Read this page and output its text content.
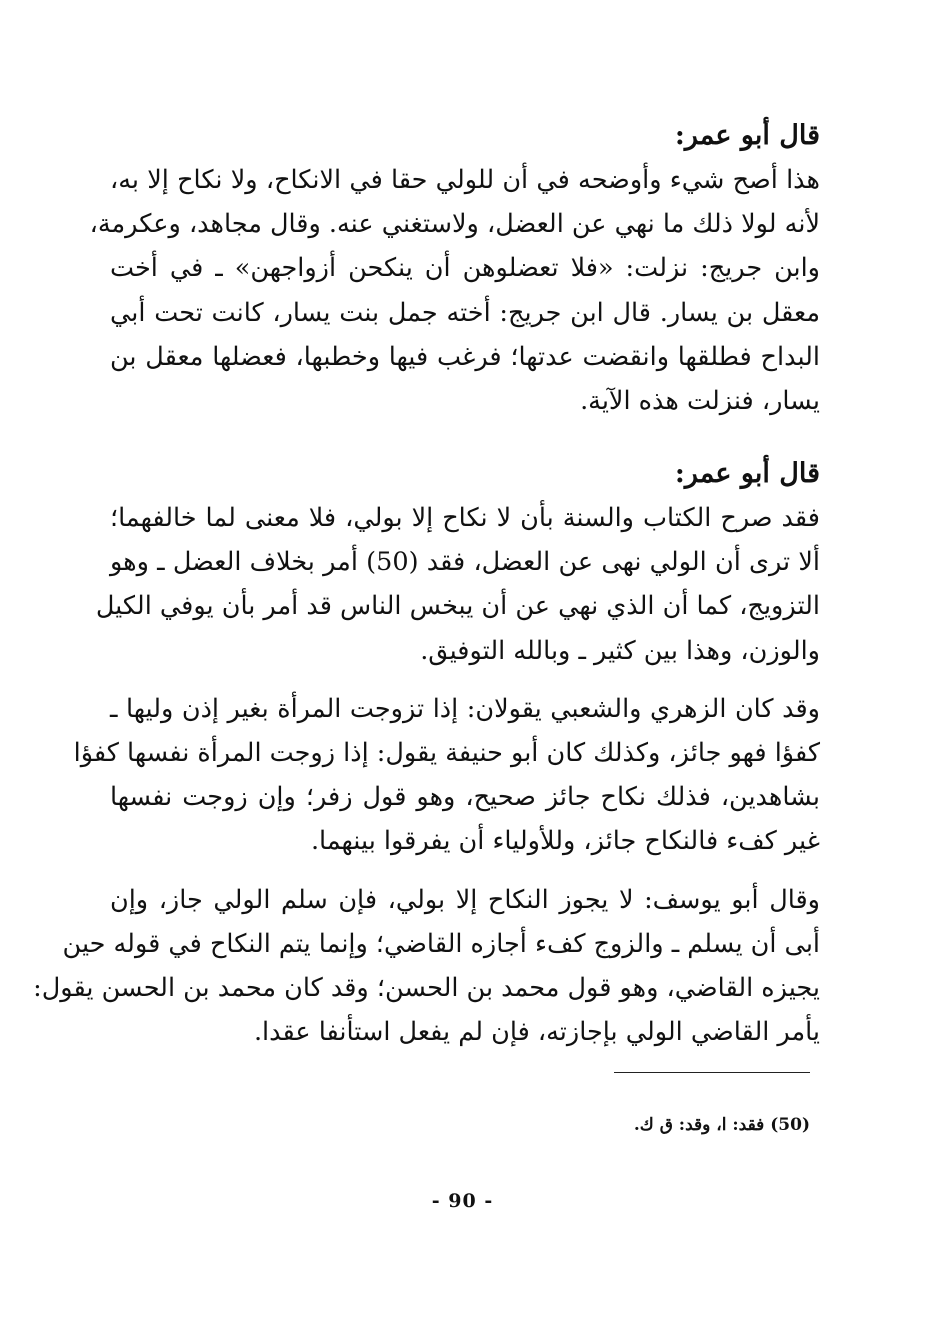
قال أبو عمر:

هذا أصح شيء وأوضحه في أن للولي حقا في الانكاح، ولا نكاح إلا به،

لأنه لولا ذلك ما نهي عن العضل، ولاستغني عنه. وقال مجاهد، وعكرمة،

وابن جريج: نزلت: «فلا تعضلوهن أن ينكحن أزواجهن» ـ في أخت

معقل بن يسار. قال ابن جريج: أخته جمل بنت يسار، كانت تحت أبي

البداح فطلقها وانقضت عدتها؛ فرغب فيها وخطبها، فعضلها معقل بن

يسار، فنزلت هذه الآية.

قال أبو عمر:

فقد صرح الكتاب والسنة بأن لا نكاح إلا بولي، فلا معنى لما خالفهما؛

ألا ترى أن الولي نهى عن العضل، فقد (50) أمر بخلاف العضل ـ وهو

التزويج، كما أن الذي نهي عن أن يبخس الناس قد أمر بأن يوفي الكيل

والوزن، وهذا بين كثير ـ وبالله التوفيق.

وقد كان الزهري والشعبي يقولان: إذا تزوجت المرأة بغير إذن وليها ـ

كفؤا فهو جائز، وكذلك كان أبو حنيفة يقول: إذا زوجت المرأة نفسها كفؤا

بشاهدين، فذلك نكاح جائز صحيح، وهو قول زفر؛ وإن زوجت نفسها

غير كفء فالنكاح جائز، وللأولياء أن يفرقوا بينهما.

وقال أبو يوسف: لا يجوز النكاح إلا بولي، فإن سلم الولي جاز، وإن

أبى أن يسلم ـ والزوج كفء أجازه القاضي؛ وإنما يتم النكاح في قوله حين

يجيزه القاضي، وهو قول محمد بن الحسن؛ وقد كان محمد بن الحسن يقول:

يأمر القاضي الولي بإجازته، فإن لم يفعل استأنفا عقدا.

(50) فقد: ا، وقد: ق ك.
- 90 -
